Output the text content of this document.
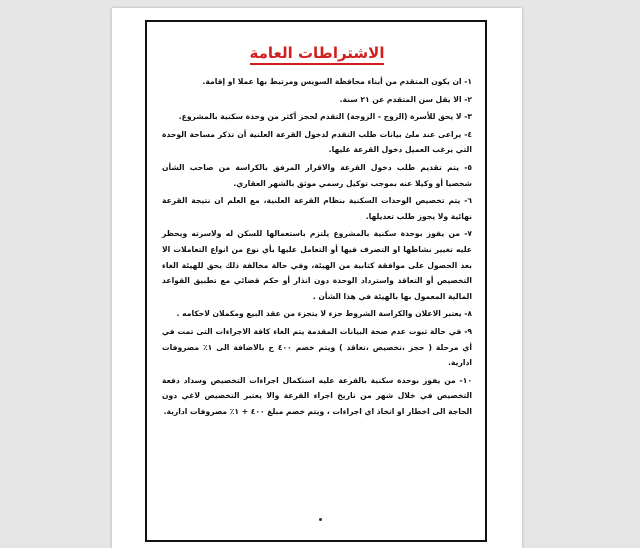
الاشتراطات العامة

١- ان يكون المتقدم من أبناء محافظة السويس ومرتبط بها عملا او إقامة.

٢- الا يقل سن المتقدم عن ٢١ سنة.

٣- لا يحق للأسرة (الزوج - الزوجة) التقدم لحجز أكثر من وحدة سكنية بالمشروع.

٤- يراعى عند ملئ بيانات طلب التقدم لدخول القرعة العلنية أن تذكر مساحة الوحدة التي يرغب العميل دخول القرعة عليها.

٥- يتم تقديم طلب دخول القرعة والاقرار المرفق بالكراسة من صاحب الشأن شخصيا أو وكيلا عنه بموجب توكيل رسمي موثق بالشهر العقاري.

٦- يتم تخصيص الوحدات السكنية بنظام القرعة العلنية، مع العلم ان نتيجة القرعة نهائية ولا يجوز طلب تعديلها.

٧- من يفوز بوحدة سكنية بالمشروع يلتزم باستعمالها للسكن له ولاسرته ويحظر عليه تغيير نشاطها او التصرف فيها أو التعامل عليها بأي نوع من انواع التعاملات الا بعد الحصول على موافقة كتابية من الهيئة، وفي حالة مخالفة ذلك يحق للهيئة الغاء التخصيص أو التعاقد واسترداد الوحدة دون انذار أو حكم قضائي مع تطبيق القواعد المالية المعمول بها بالهيئة في هذا الشأن .

٨- يعتبر الاعلان والكراسة الشروط جزء لا يتجزء من عقد البيع ومكملان لاحكامه .

٩- في حالة ثبوت عدم صحة البيانات المقدمة يتم الغاء كافة الاجراءات التى تمت في أي مرحلة ( حجز ،تخصيص ،تعاقد ) ويتم خصم ٤٠٠ ج بالاضافة الى ١٪ مصروفات ادارية.

١٠- من يفوز بوحدة سكنية بالقرعة عليه استكمال اجراءات التخصيص وسداد دفعة التخصيص في خلال شهر من تاريخ اجراء القرعة والا يعتبر التخصيص لاغي دون الحاجة الى اخطار او اتخاذ اي اجراءات ، ويتم خصم مبلغ ٤٠٠ + ١٪ مصروفات ادارية.
